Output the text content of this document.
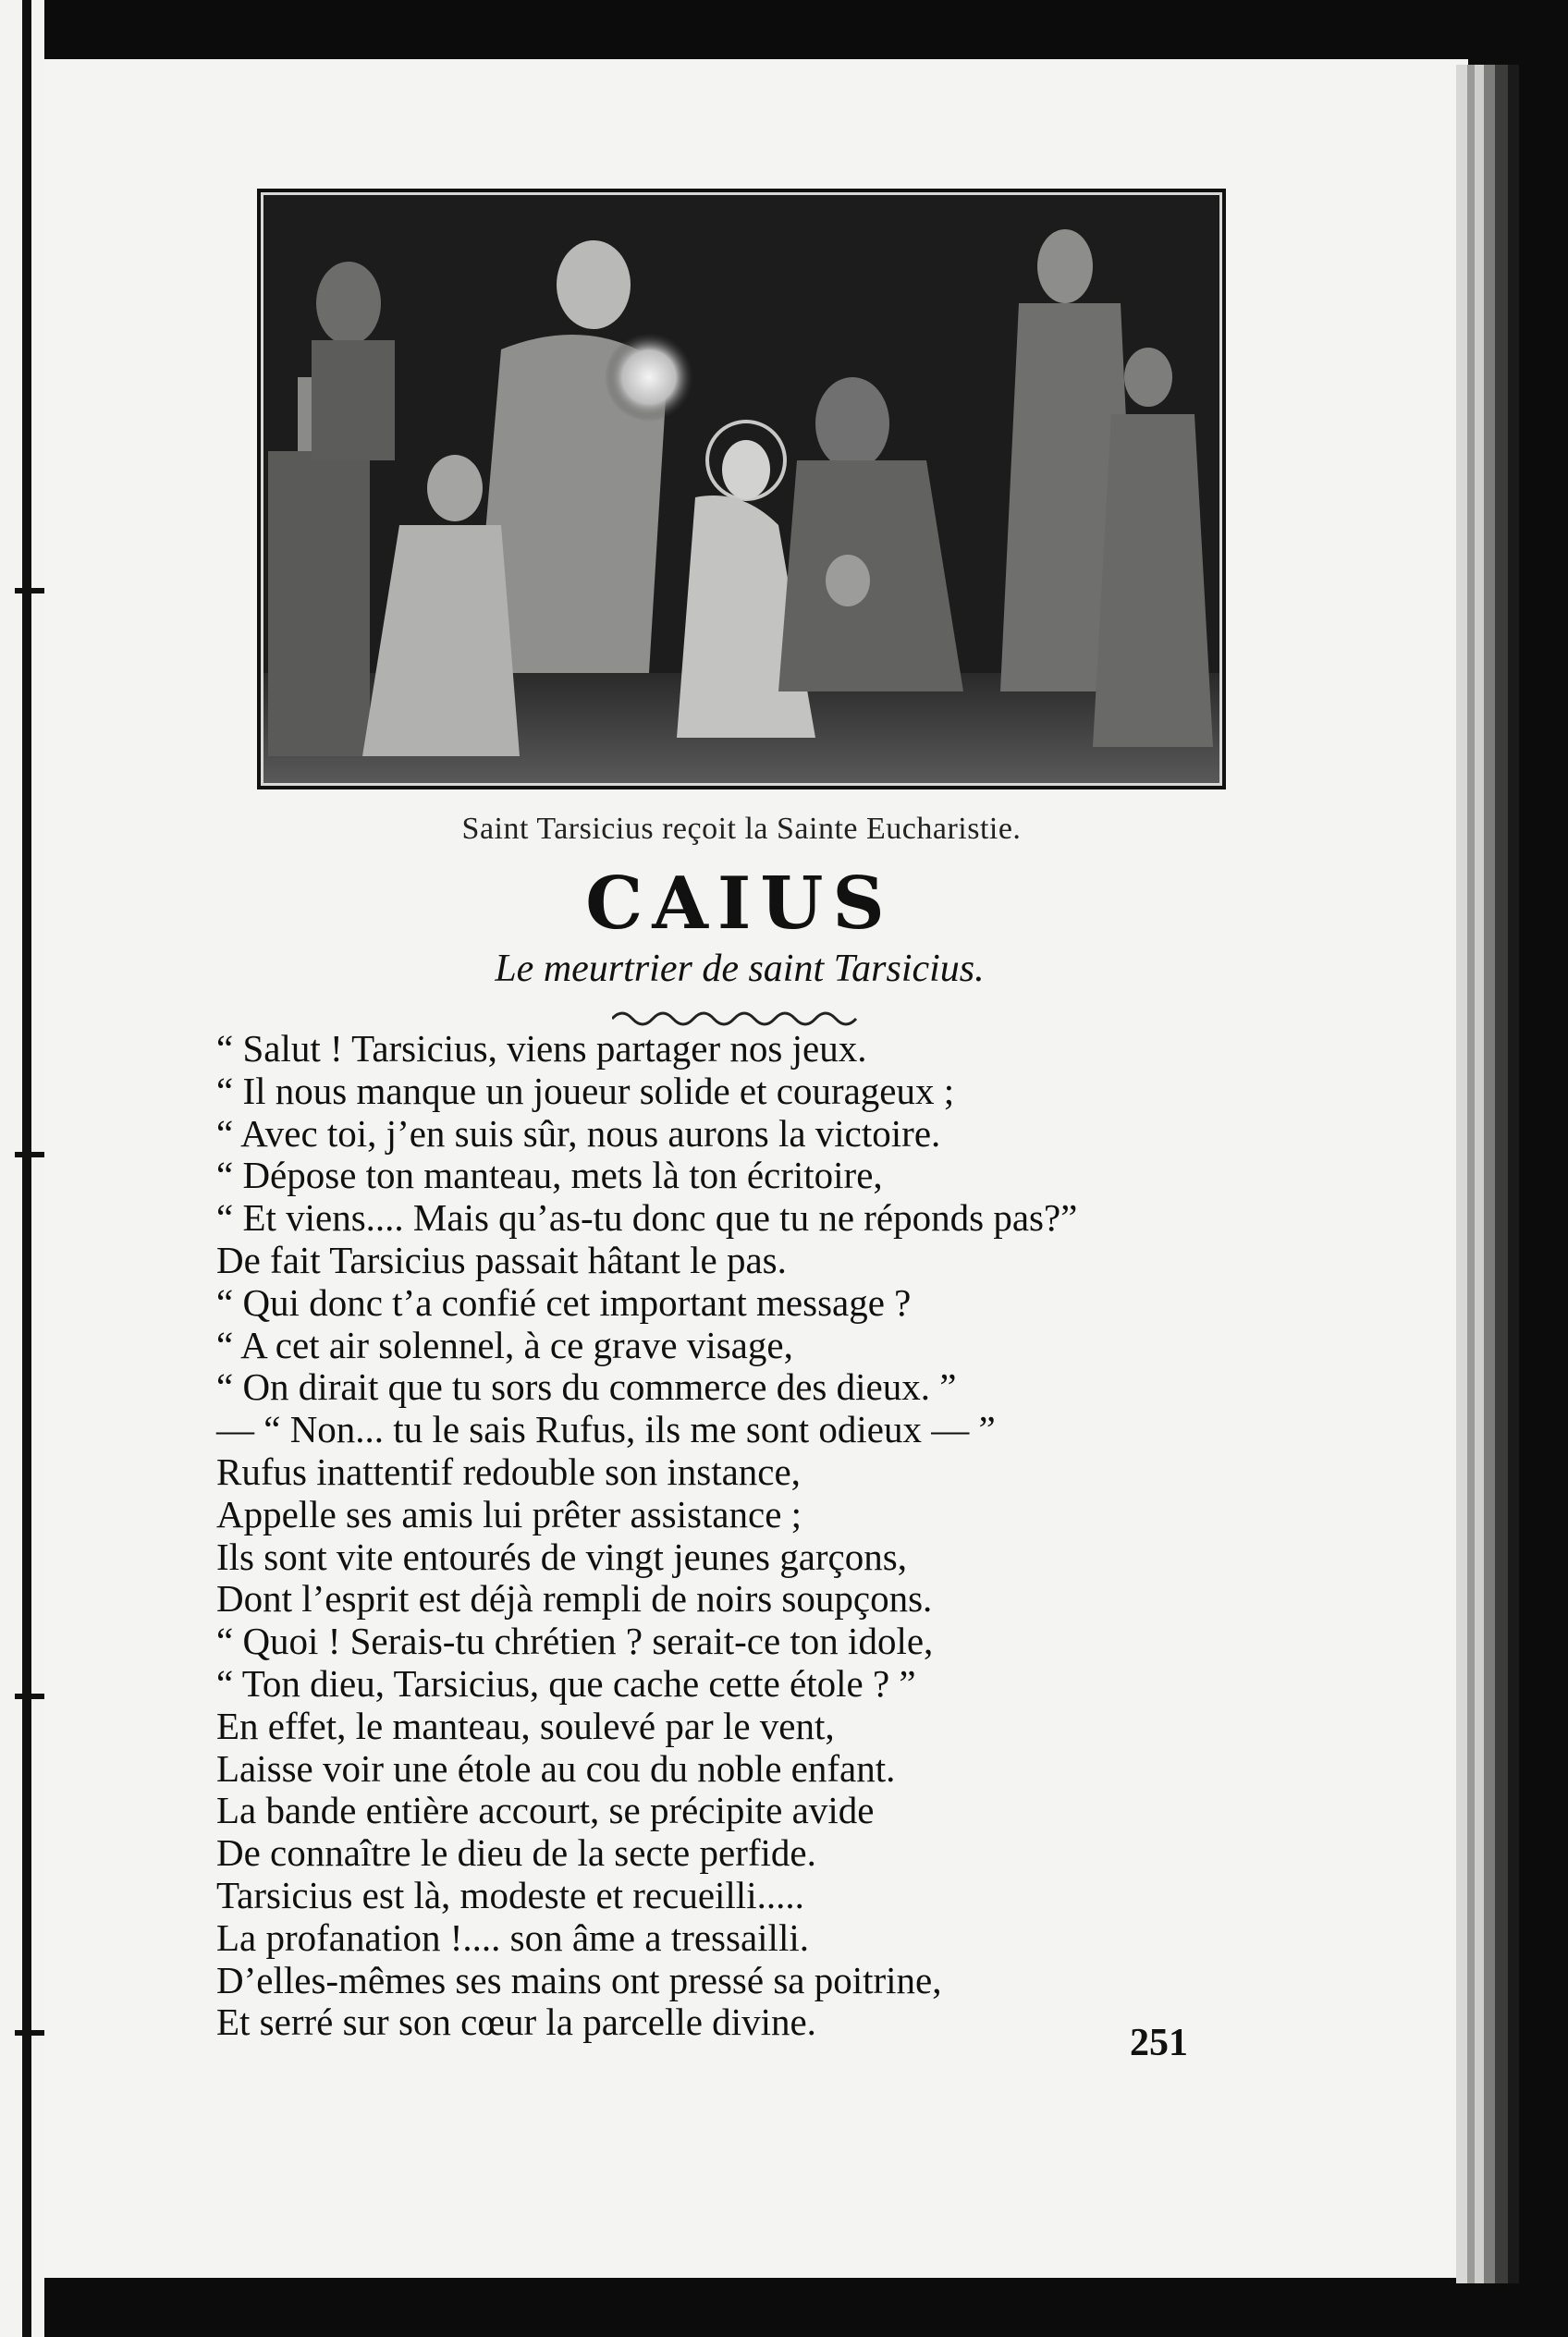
Saint Tarsicius reçoit la Sainte Eucharistie.
CAIUS
Le meurtrier de saint Tarsicius.
“ Salut ! Tarsicius, viens partager nos jeux.
“ Il nous manque un joueur solide et courageux ;
“ Avec toi, j’en suis sûr, nous aurons la victoire.
“ Dépose ton manteau, mets là ton écritoire,
“ Et viens.... Mais qu’as-tu donc que tu ne réponds pas?”
De fait Tarsicius passait hâtant le pas.
“ Qui donc t’a confié cet important message ?
“ A cet air solennel, à ce grave visage,
“ On dirait que tu sors du commerce des dieux. ”
— “ Non... tu le sais Rufus, ils me sont odieux — ”
Rufus inattentif redouble son instance,
Appelle ses amis lui prêter assistance ;
Ils sont vite entourés de vingt jeunes garçons,
Dont l’esprit est déjà rempli de noirs soupçons.
“ Quoi ! Serais-tu chrétien ? serait-ce ton idole,
“ Ton dieu, Tarsicius, que cache cette étole ? ”
En effet, le manteau, soulevé par le vent,
Laisse voir une étole au cou du noble enfant.
La bande entière accourt, se précipite avide
De connaître le dieu de la secte perfide.
Tarsicius est là, modeste et recueilli.....
La profanation !.... son âme a tressailli.
D’elles-mêmes ses mains ont pressé sa poitrine,
Et serré sur son cœur la parcelle divine.	251
